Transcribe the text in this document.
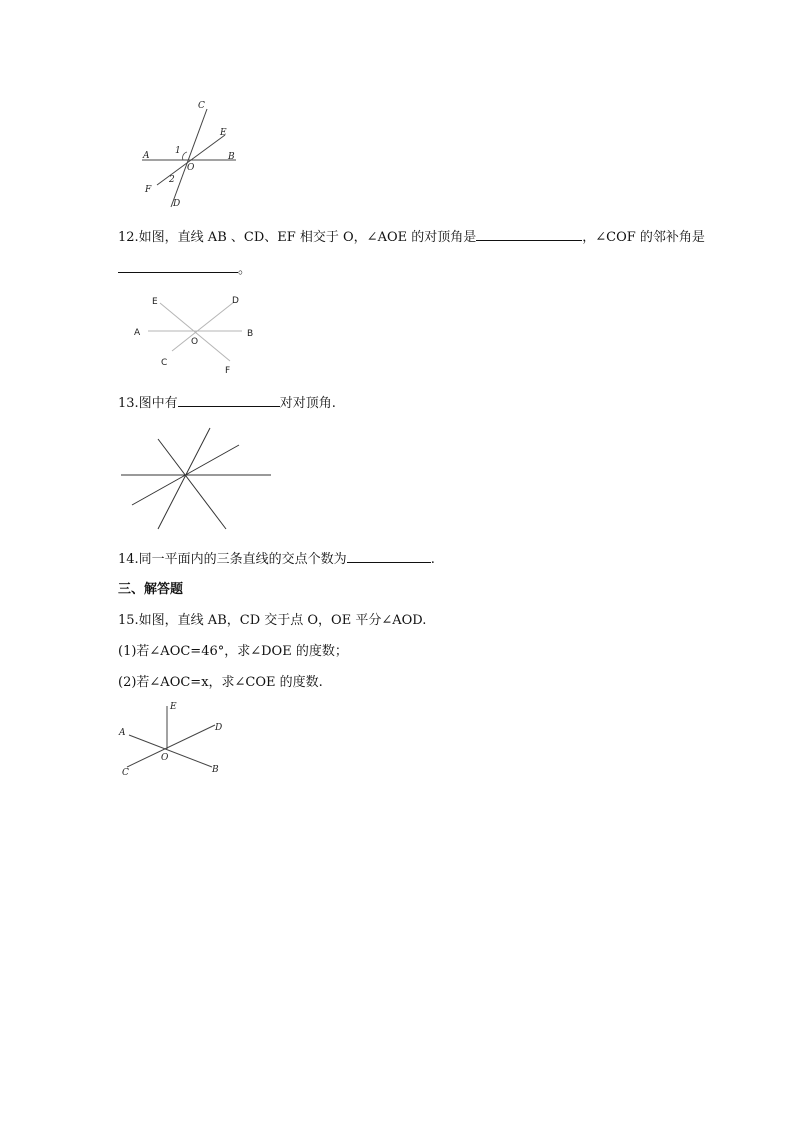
C
E
A	B
1
O
2
F
D
12.如图，直线 AB 、CD、EF 相交于 O，∠AOE 的对顶角是	，∠COF 的邻补角是
。
E	D
A	B
O
C
F
13.图中有	对对顶角.
14.同一平面内的三条直线的交点个数为	.
三、解答题
15.如图，直线 AB，CD 交于点 O，OE 平分∠AOD.
(1)若∠AOC=46°，求∠DOE 的度数；
(2)若∠AOC=x，求∠COE 的度数.
E
D
A
O
B
C
